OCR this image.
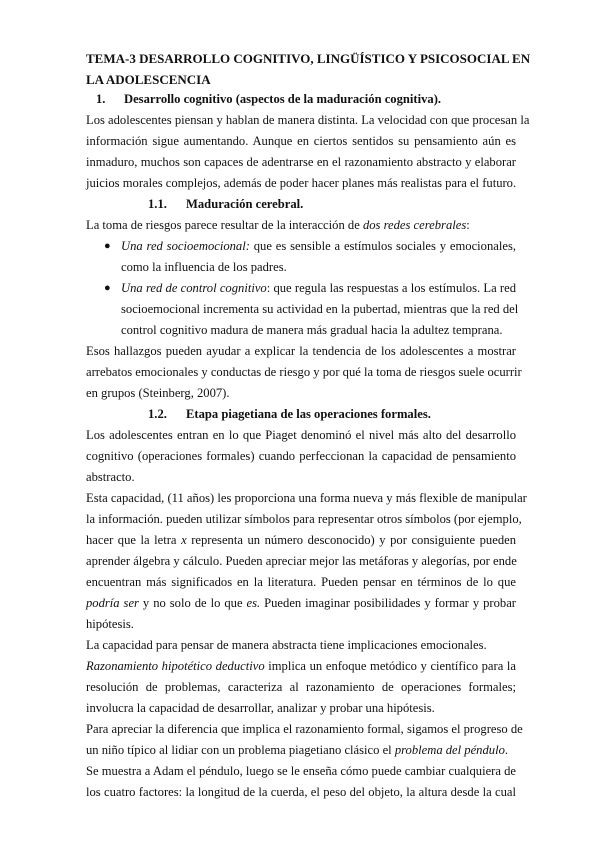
TEMA-3 DESARROLLO COGNITIVO, LINGÜÍSTICO Y PSICOSOCIAL EN
LA ADOLESCENCIA
1. Desarrollo cognitivo (aspectos de la maduración cognitiva).
Los adolescentes piensan y hablan de manera distinta. La velocidad con que procesan la
información sigue aumentando. Aunque en ciertos sentidos su pensamiento aún es
inmaduro, muchos son capaces de adentrarse en el razonamiento abstracto y elaborar
juicios morales complejos, además de poder hacer planes más realistas para el futuro.
1.1. Maduración cerebral.
La toma de riesgos parece resultar de la interacción de dos redes cerebrales:
● Una red socioemocional: que es sensible a estímulos sociales y emocionales,
como la influencia de los padres.
● Una red de control cognitivo: que regula las respuestas a los estímulos. La red
socioemocional incrementa su actividad en la pubertad, mientras que la red del
control cognitivo madura de manera más gradual hacia la adultez temprana.
Esos hallazgos pueden ayudar a explicar la tendencia de los adolescentes a mostrar
arrebatos emocionales y conductas de riesgo y por qué la toma de riesgos suele ocurrir
en grupos (Steinberg, 2007).
1.2. Etapa piagetiana de las operaciones formales.
Los adolescentes entran en lo que Piaget denominó el nivel más alto del desarrollo
cognitivo (operaciones formales) cuando perfeccionan la capacidad de pensamiento
abstracto.
Esta capacidad, (11 años) les proporciona una forma nueva y más flexible de manipular
la información. pueden utilizar símbolos para representar otros símbolos (por ejemplo,
hacer que la letra x representa un número desconocido) y por consiguiente pueden
aprender álgebra y cálculo. Pueden apreciar mejor las metáforas y alegorías, por ende
encuentran más significados en la literatura. Pueden pensar en términos de lo que
podría ser y no solo de lo que es. Pueden imaginar posibilidades y formar y probar
hipótesis.
La capacidad para pensar de manera abstracta tiene implicaciones emocionales.
Razonamiento hipotético deductivo implica un enfoque metódico y científico para la
resolución de problemas, caracteriza al razonamiento de operaciones formales;
involucra la capacidad de desarrollar, analizar y probar una hipótesis.
Para apreciar la diferencia que implica el razonamiento formal, sigamos el progreso de
un niño típico al lidiar con un problema piagetiano clásico el problema del péndulo.
Se muestra a Adam el péndulo, luego se le enseña cómo puede cambiar cualquiera de
los cuatro factores: la longitud de la cuerda, el peso del objeto, la altura desde la cual
